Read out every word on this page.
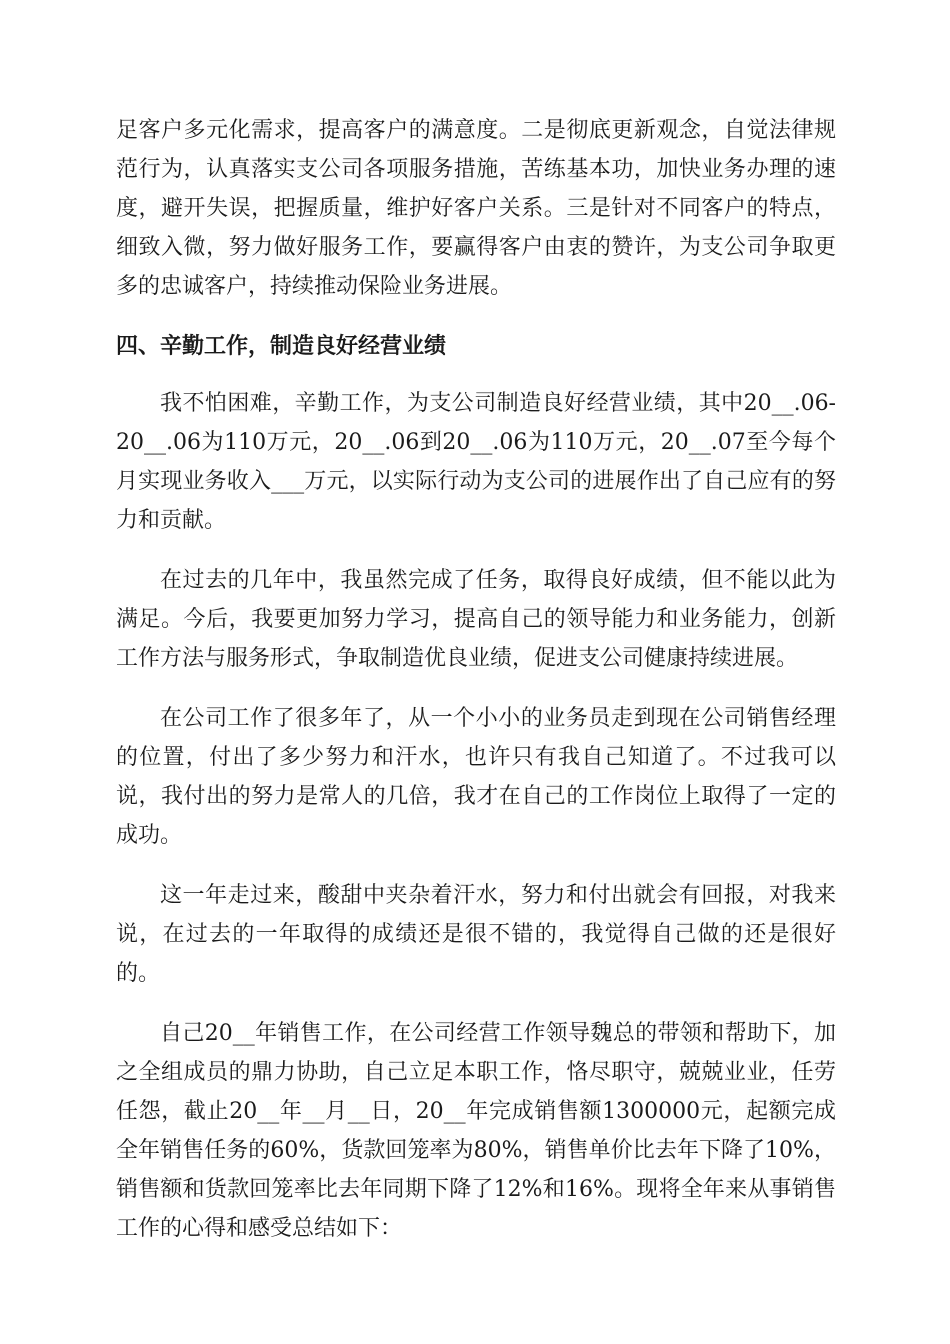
足客户多元化需求，提高客户的满意度。二是彻底更新观念，自觉法律规范行为，认真落实支公司各项服务措施，苦练基本功，加快业务办理的速度，避开失误，把握质量，维护好客户关系。三是针对不同客户的特点，细致入微，努力做好服务工作，要赢得客户由衷的赞许，为支公司争取更多的忠诚客户，持续推动保险业务进展。

四、辛勤工作，制造良好经营业绩

我不怕困难，辛勤工作，为支公司制造良好经营业绩，其中20__.06-20__.06为110万元，20__.06到20__.06为110万元，20__.07至今每个月实现业务收入___万元，以实际行动为支公司的进展作出了自己应有的努力和贡献。

在过去的几年中，我虽然完成了任务，取得良好成绩，但不能以此为满足。今后，我要更加努力学习，提高自己的领导能力和业务能力，创新工作方法与服务形式，争取制造优良业绩，促进支公司健康持续进展。

在公司工作了很多年了，从一个小小的业务员走到现在公司销售经理的位置，付出了多少努力和汗水，也许只有我自己知道了。不过我可以说，我付出的努力是常人的几倍，我才在自己的工作岗位上取得了一定的成功。

这一年走过来，酸甜中夹杂着汗水，努力和付出就会有回报，对我来说，在过去的一年取得的成绩还是很不错的，我觉得自己做的还是很好的。

自己20__年销售工作，在公司经营工作领导魏总的带领和帮助下，加之全组成员的鼎力协助，自己立足本职工作，恪尽职守，兢兢业业，任劳任怨，截止20__年__月__日，20__年完成销售额1300000元，起额完成全年销售任务的60%，货款回笼率为80%，销售单价比去年下降了10%，销售额和货款回笼率比去年同期下降了12%和16%。现将全年来从事销售工作的心得和感受总结如下：
